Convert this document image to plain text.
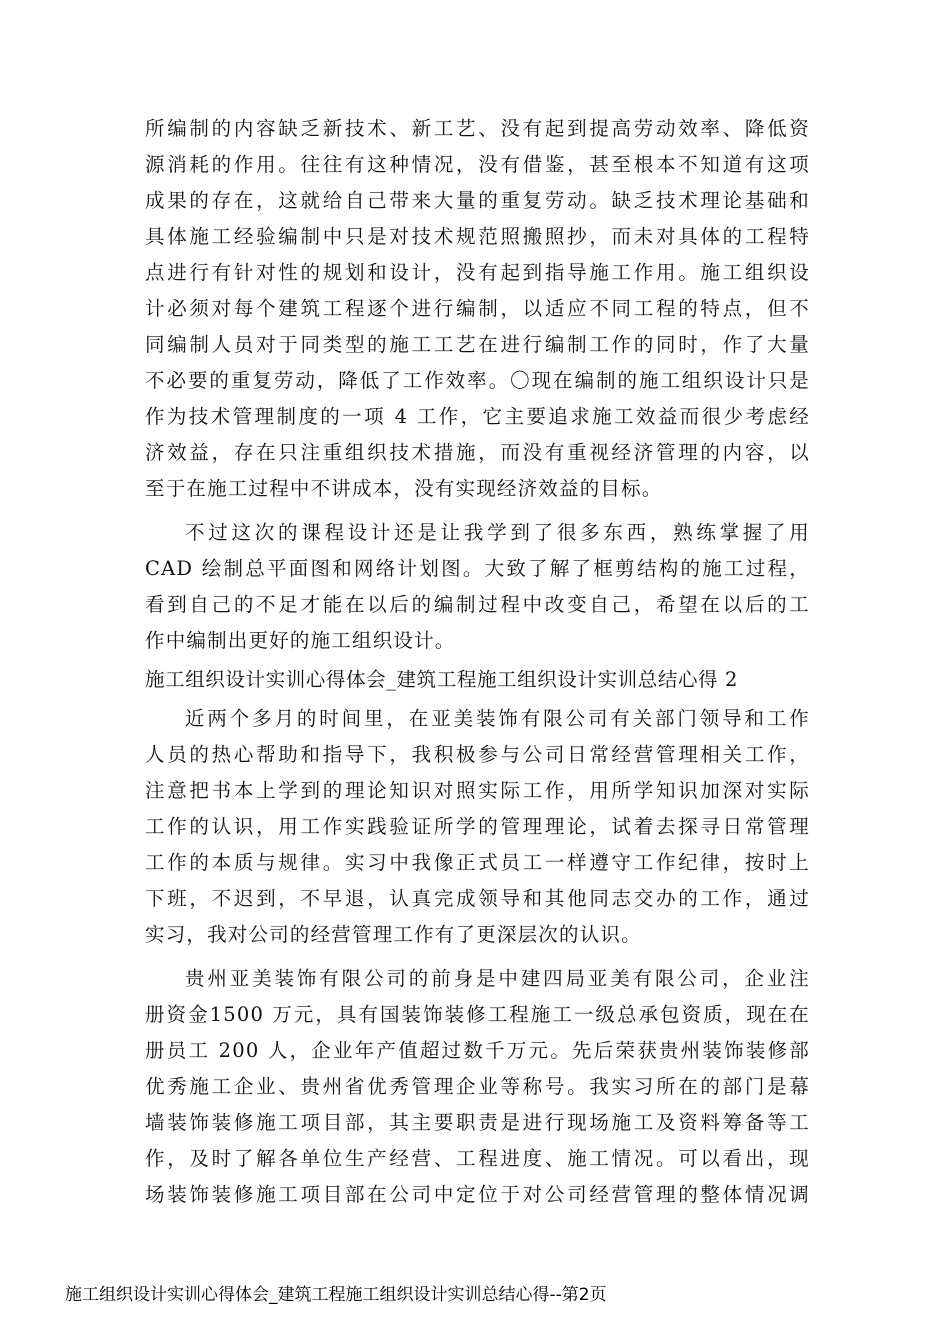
所编制的内容缺乏新技术、新工艺、没有起到提高劳动效率、降低资
源消耗的作用。往往有这种情况，没有借鉴，甚至根本不知道有这项
成果的存在，这就给自己带来大量的重复劳动。缺乏技术理论基础和
具体施工经验编制中只是对技术规范照搬照抄，而未对具体的工程特
点进行有针对性的规划和设计，没有起到指导施工作用。施工组织设
计必须对每个建筑工程逐个进行编制，以适应不同工程的特点，但不
同编制人员对于同类型的施工工艺在进行编制工作的同时，作了大量
不必要的重复劳动，降低了工作效率。〇现在编制的施工组织设计只是
作为技术管理制度的一项 4 工作，它主要追求施工效益而很少考虑经
济效益，存在只注重组织技术措施，而没有重视经济管理的内容，以
至于在施工过程中不讲成本，没有实现经济效益的目标。
不过这次的课程设计还是让我学到了很多东西，熟练掌握了用
CAD 绘制总平面图和网络计划图。大致了解了框剪结构的施工过程，
看到自己的不足才能在以后的编制过程中改变自己，希望在以后的工
作中编制出更好的施工组织设计。
施工组织设计实训心得体会_建筑工程施工组织设计实训总结心得 2
近两个多月的时间里，在亚美装饰有限公司有关部门领导和工作
人员的热心帮助和指导下，我积极参与公司日常经营管理相关工作，
注意把书本上学到的理论知识对照实际工作，用所学知识加深对实际
工作的认识，用工作实践验证所学的管理理论，试着去探寻日常管理
工作的本质与规律。实习中我像正式员工一样遵守工作纪律，按时上
下班，不迟到，不早退，认真完成领导和其他同志交办的工作，通过
实习，我对公司的经营管理工作有了更深层次的认识。
贵州亚美装饰有限公司的前身是中建四局亚美有限公司，企业注
册资金1500 万元，具有国装饰装修工程施工一级总承包资质，现在在
册员工 200 人，企业年产值超过数千万元。先后荣获贵州装饰装修部
优秀施工企业、贵州省优秀管理企业等称号。我实习所在的部门是幕
墙装饰装修施工项目部，其主要职责是进行现场施工及资料筹备等工
作，及时了解各单位生产经营、工程进度、施工情况。可以看出，现
场装饰装修施工项目部在公司中定位于对公司经营管理的整体情况调
施工组织设计实训心得体会_建筑工程施工组织设计实训总结心得--第2页
